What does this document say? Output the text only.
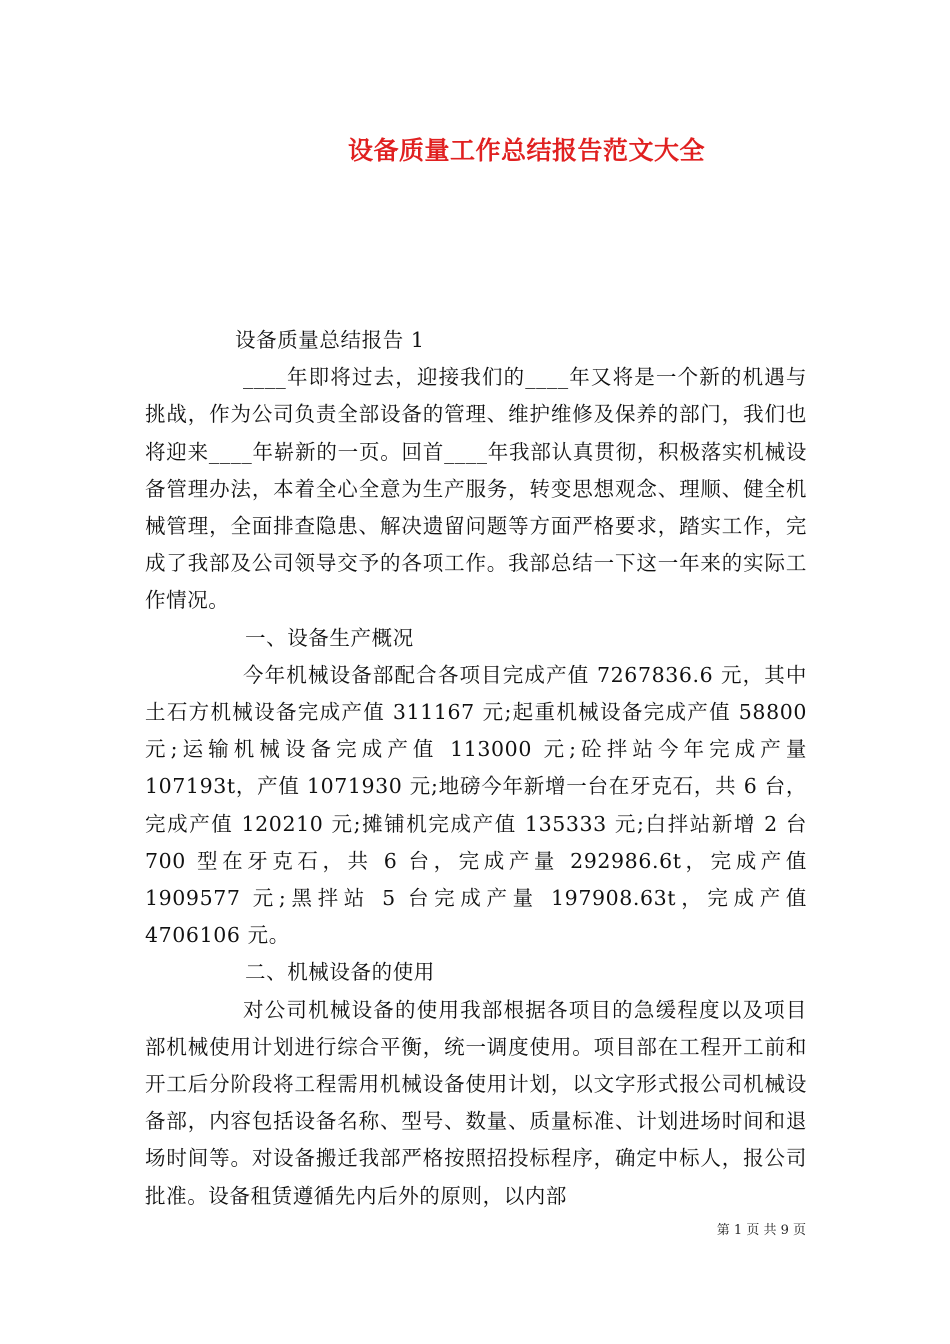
设备质量工作总结报告范文大全

设备质量总结报告 1

____年即将过去，迎接我们的____年又将是一个新的机遇与挑战，作为公司负责全部设备的管理、维护维修及保养的部门，我们也将迎来____年崭新的一页。回首____年我部认真贯彻，积极落实机械设备管理办法，本着全心全意为生产服务，转变思想观念、理顺、健全机械管理，全面排查隐患、解决遗留问题等方面严格要求，踏实工作，完成了我部及公司领导交予的各项工作。我部总结一下这一年来的实际工作情况。

一、设备生产概况

今年机械设备部配合各项目完成产值 7267836.6 元，其中土石方机械设备完成产值 311167 元;起重机械设备完成产值 58800 元;运输机械设备完成产值 113000 元;砼拌站今年完成产量 107193t，产值 1071930 元;地磅今年新增一台在牙克石，共 6 台，完成产值 120210 元;摊铺机完成产值 135333 元;白拌站新增 2 台 700 型在牙克石，共 6 台，完成产量 292986.6t，完成产值 1909577 元;黑拌站 5 台完成产量 197908.63t，完成产值 4706106 元。

二、机械设备的使用

对公司机械设备的使用我部根据各项目的急缓程度以及项目部机械使用计划进行综合平衡，统一调度使用。项目部在工程开工前和开工后分阶段将工程需用机械设备使用计划，以文字形式报公司机械设备部，内容包括设备名称、型号、数量、质量标准、计划进场时间和退场时间等。对设备搬迁我部严格按照招投标程序，确定中标人，报公司批准。设备租赁遵循先内后外的原则，以内部

第 1 页 共 9 页
